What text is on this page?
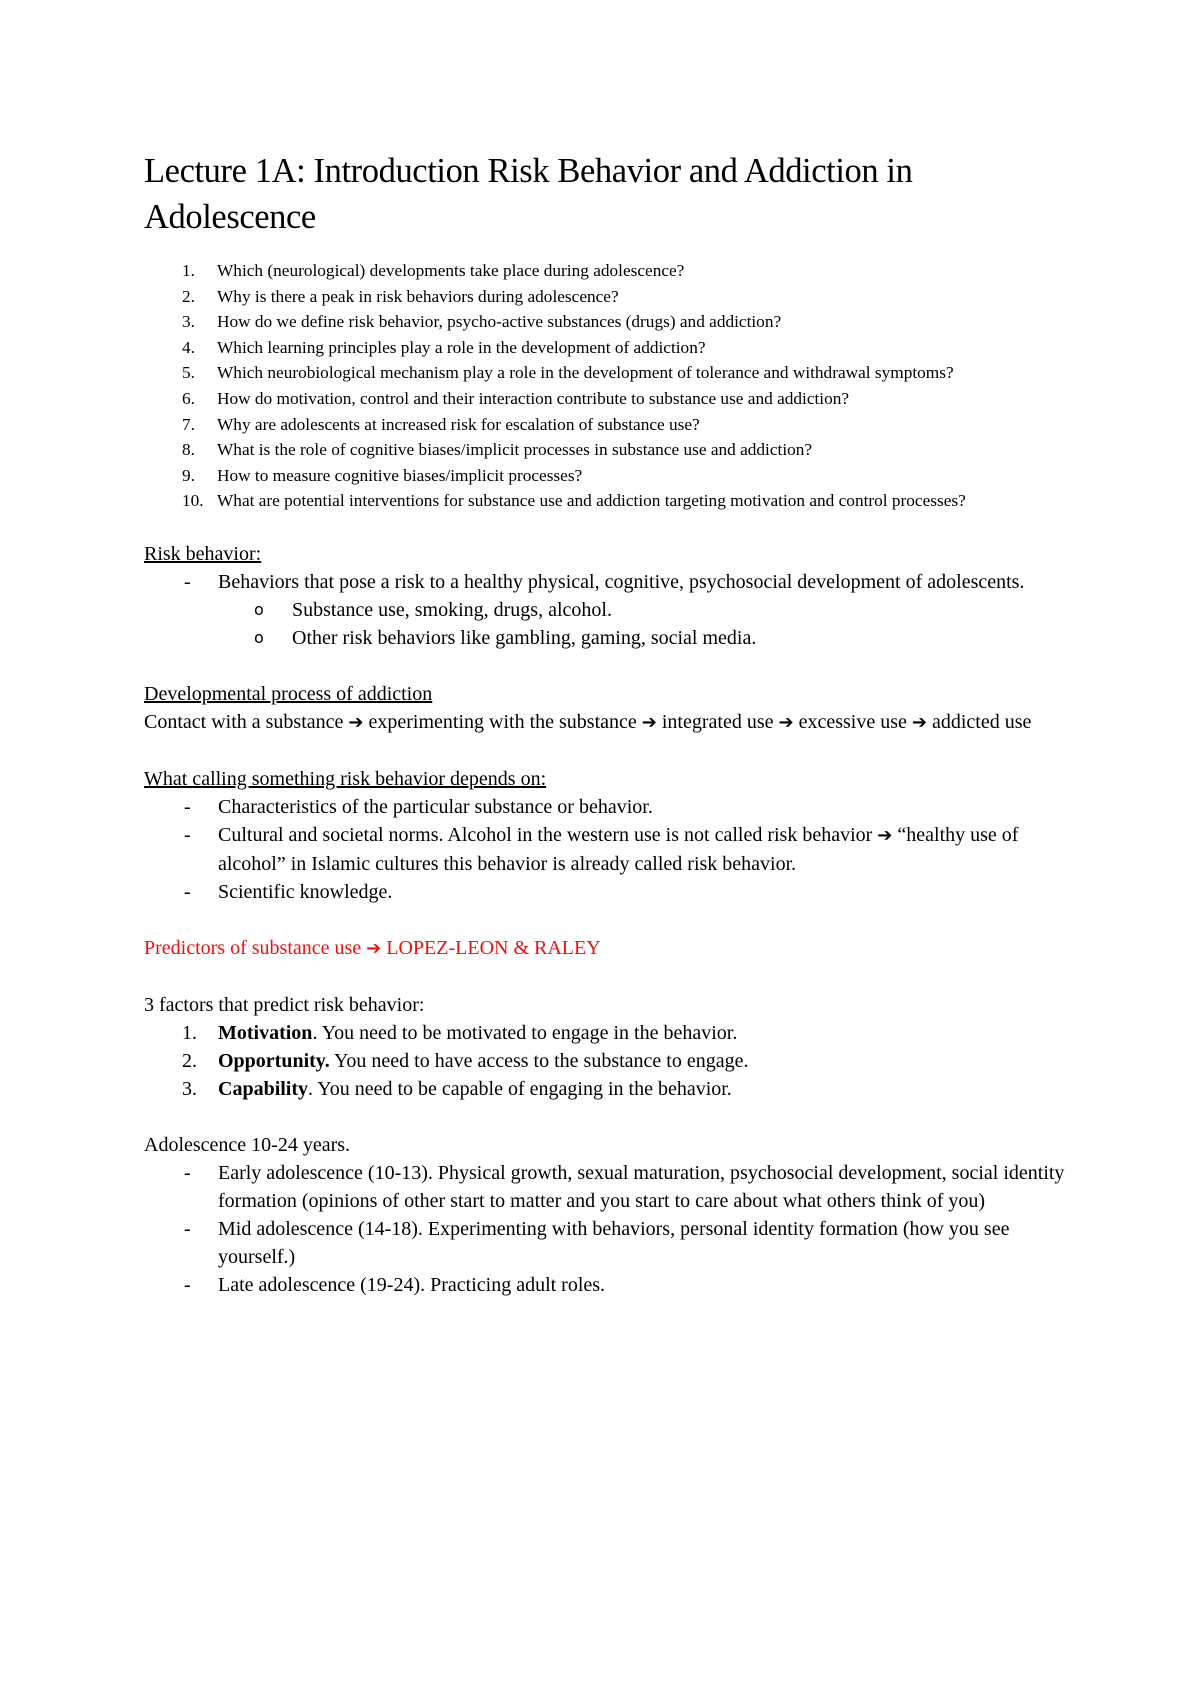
Lecture 1A: Introduction Risk Behavior and Addiction in Adolescence
1. Which (neurological) developments take place during adolescence?
2. Why is there a peak in risk behaviors during adolescence?
3. How do we define risk behavior, psycho-active substances (drugs) and addiction?
4. Which learning principles play a role in the development of addiction?
5. Which neurobiological mechanism play a role in the development of tolerance and withdrawal symptoms?
6. How do motivation, control and their interaction contribute to substance use and addiction?
7. Why are adolescents at increased risk for escalation of substance use?
8. What is the role of cognitive biases/implicit processes in substance use and addiction?
9. How to measure cognitive biases/implicit processes?
10. What are potential interventions for substance use and addiction targeting motivation and control processes?

Risk behavior:

- Behaviors that pose a risk to a healthy physical, cognitive, psychosocial development of adolescents.
o Substance use, smoking, drugs, alcohol.
o Other risk behaviors like gambling, gaming, social media.

Developmental process of addiction

Contact with a substance ➔ experimenting with the substance ➔ integrated use ➔ excessive use ➔ addicted use

What calling something risk behavior depends on:

- Characteristics of the particular substance or behavior.
- Cultural and societal norms. Alcohol in the western use is not called risk behavior ➔ “healthy use of alcohol” in Islamic cultures this behavior is already called risk behavior.
- Scientific knowledge.

Predictors of substance use ➔ LOPEZ-LEON & RALEY

3 factors that predict risk behavior:

1. Motivation. You need to be motivated to engage in the behavior.
2. Opportunity. You need to have access to the substance to engage.
3. Capability. You need to be capable of engaging in the behavior.

Adolescence 10-24 years.

- Early adolescence (10-13). Physical growth, sexual maturation, psychosocial development, social identity formation (opinions of other start to matter and you start to care about what others think of you)
- Mid adolescence (14-18). Experimenting with behaviors, personal identity formation (how you see yourself.)
- Late adolescence (19-24). Practicing adult roles.
